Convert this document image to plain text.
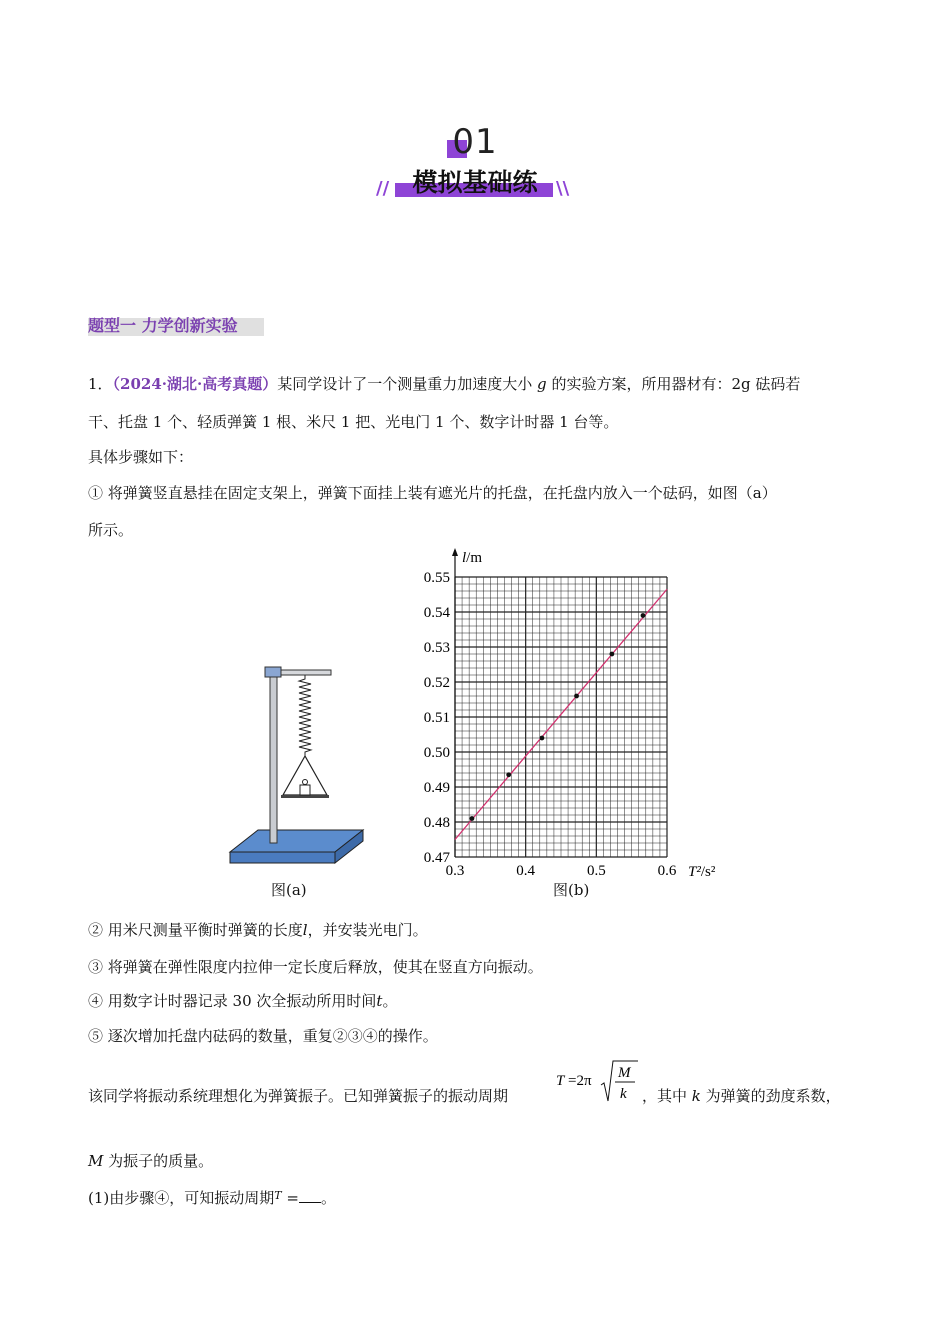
01
模拟基础练
//	\\
题型一 力学创新实验
1．（2024·湖北·高考真题）某同学设计了一个测量重力加速度大小 g 的实验方案，所用器材有：2g 砝码若
干、托盘 1 个、轻质弹簧 1 根、米尺 1 把、光电门 1 个、数字计时器 1 台等。
具体步骤如下：
① 将弹簧竖直悬挂在固定支架上，弹簧下面挂上装有遮光片的托盘，在托盘内放入一个砝码，如图（a）
所示。
图(a)
0.3	0.4	0.5	0.6
0.47
0.48
0.49
0.50
0.51
0.52
0.53
0.54
0.55
l/m
T²/s²
图(b)
② 用米尺测量平衡时弹簧的长度l，并安装光电门。
③ 将弹簧在弹性限度内拉伸一定长度后释放，使其在竖直方向振动。
④ 用数字计时器记录 30 次全振动所用时间t。
⑤ 逐次增加托盘内砝码的数量，重复②③④的操作。
该同学将振动系统理想化为弹簧振子。已知弹簧振子的振动周期
T =2π M
k ，其中 k 为弹簧的劲度系数，
M 为振子的质量。
(1)由步骤④，可知振动周期$^T$ = 。
